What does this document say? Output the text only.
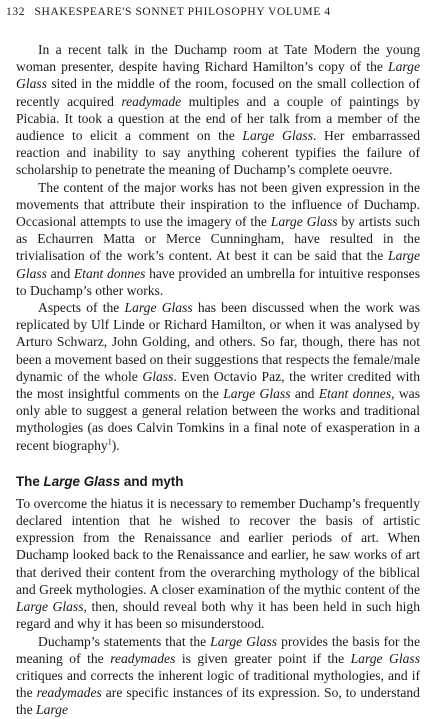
132 SHAKESPEARE'S SONNET PHILOSOPHY VOLUME 4

In a recent talk in the Duchamp room at Tate Modern the young woman presenter, despite having Richard Hamilton’s copy of the Large Glass sited in the middle of the room, focused on the small collection of recently acquired readymade multiples and a couple of paintings by Picabia. It took a question at the end of her talk from a member of the audience to elicit a comment on the Large Glass. Her embarrassed reaction and inability to say anything coherent typifies the failure of scholarship to penetrate the meaning of Duchamp’s complete oeuvre.

The content of the major works has not been given expression in the movements that attribute their inspiration to the influence of Duchamp. Occasional attempts to use the imagery of the Large Glass by artists such as Echaurren Matta or Merce Cunningham, have resulted in the trivialisation of the work’s content. At best it can be said that the Large Glass and Etant donnes have provided an umbrella for intuitive responses to Duchamp’s other works.

Aspects of the Large Glass has been discussed when the work was replicated by Ulf Linde or Richard Hamilton, or when it was analysed by Arturo Schwarz, John Golding, and others. So far, though, there has not been a movement based on their suggestions that respects the female/male dynamic of the whole Glass. Even Octavio Paz, the writer credited with the most insightful comments on the Large Glass and Etant donnes, was only able to suggest a general relation between the works and traditional mythologies (as does Calvin Tomkins in a final note of exasperation in a recent biography$^1$).

The Large Glass and myth

To overcome the hiatus it is necessary to remember Duchamp’s frequently declared intention that he wished to recover the basis of artistic expression from the Renaissance and earlier periods of art. When Duchamp looked back to the Renaissance and earlier, he saw works of art that derived their content from the overarching mythology of the biblical and Greek mythologies. A closer examination of the mythic content of the Large Glass, then, should reveal both why it has been held in such high regard and why it has been so misunderstood.

Duchamp’s statements that the Large Glass provides the basis for the meaning of the readymades is given greater point if the Large Glass critiques and corrects the inherent logic of traditional mythologies, and if the readymades are specific instances of its expression. So, to understand the Large
